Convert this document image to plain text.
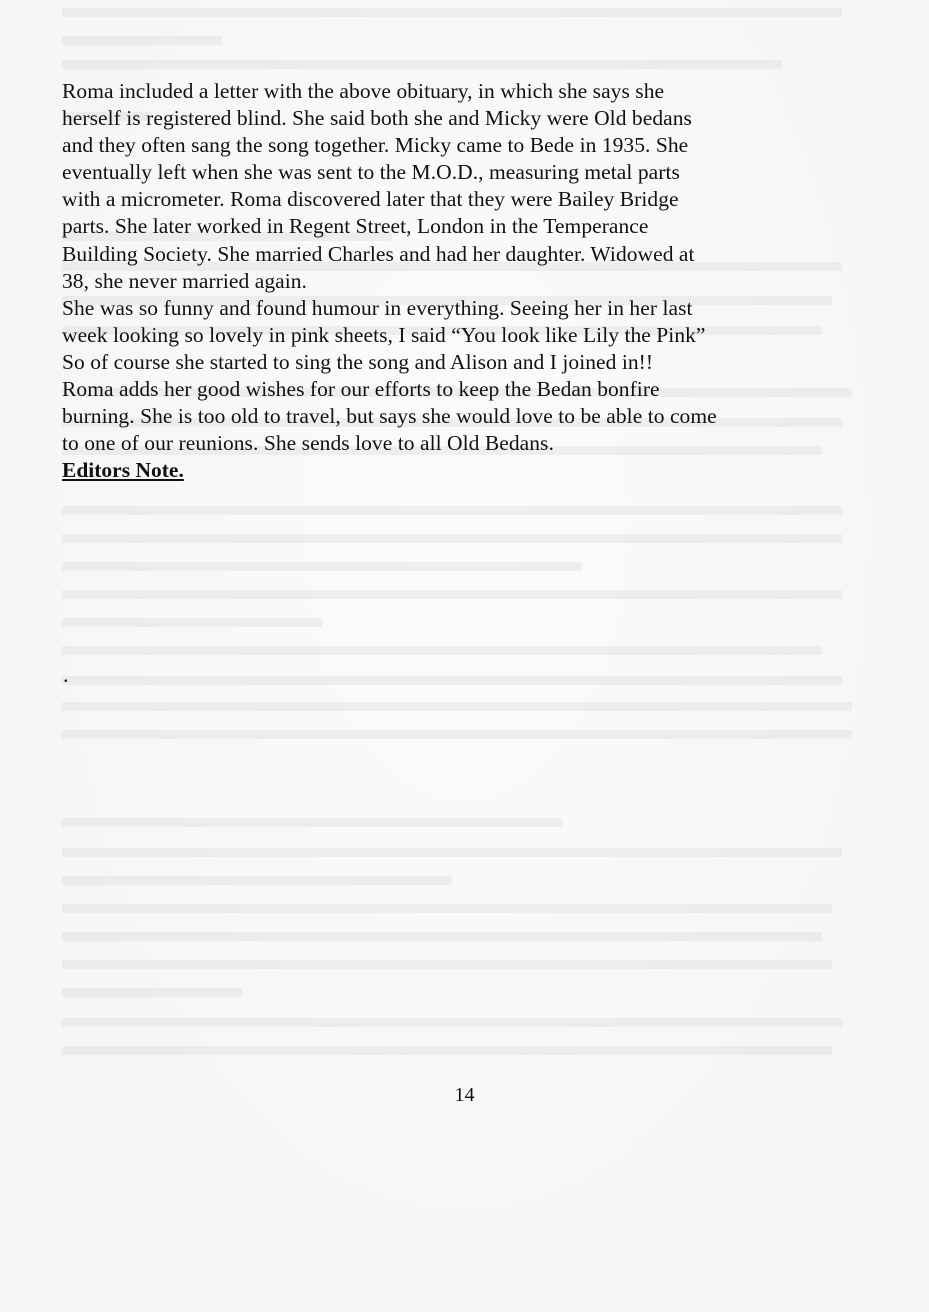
Roma included a letter with the above obituary, in which she says she
herself is registered blind. She said both she and Micky were Old bedans
and they often sang the song together. Micky came to Bede in 1935. She
eventually left when she was sent to the M.O.D., measuring metal parts
with a micrometer. Roma discovered later that they were Bailey Bridge
parts. She later worked in Regent Street, London in the Temperance
Building Society. She married Charles and had her daughter. Widowed at
38, she never married again.

She was so funny and found humour in everything. Seeing her in her last
week looking so lovely in pink sheets, I said “You look like Lily the Pink”
So of course she started to sing the song and Alison and I joined in!!

Roma adds her good wishes for our efforts to keep the Bedan bonfire
burning. She is too old to travel, but says she would love to be able to come
to one of our reunions. She sends love to all Old Bedans.

Editors Note.

.
14
